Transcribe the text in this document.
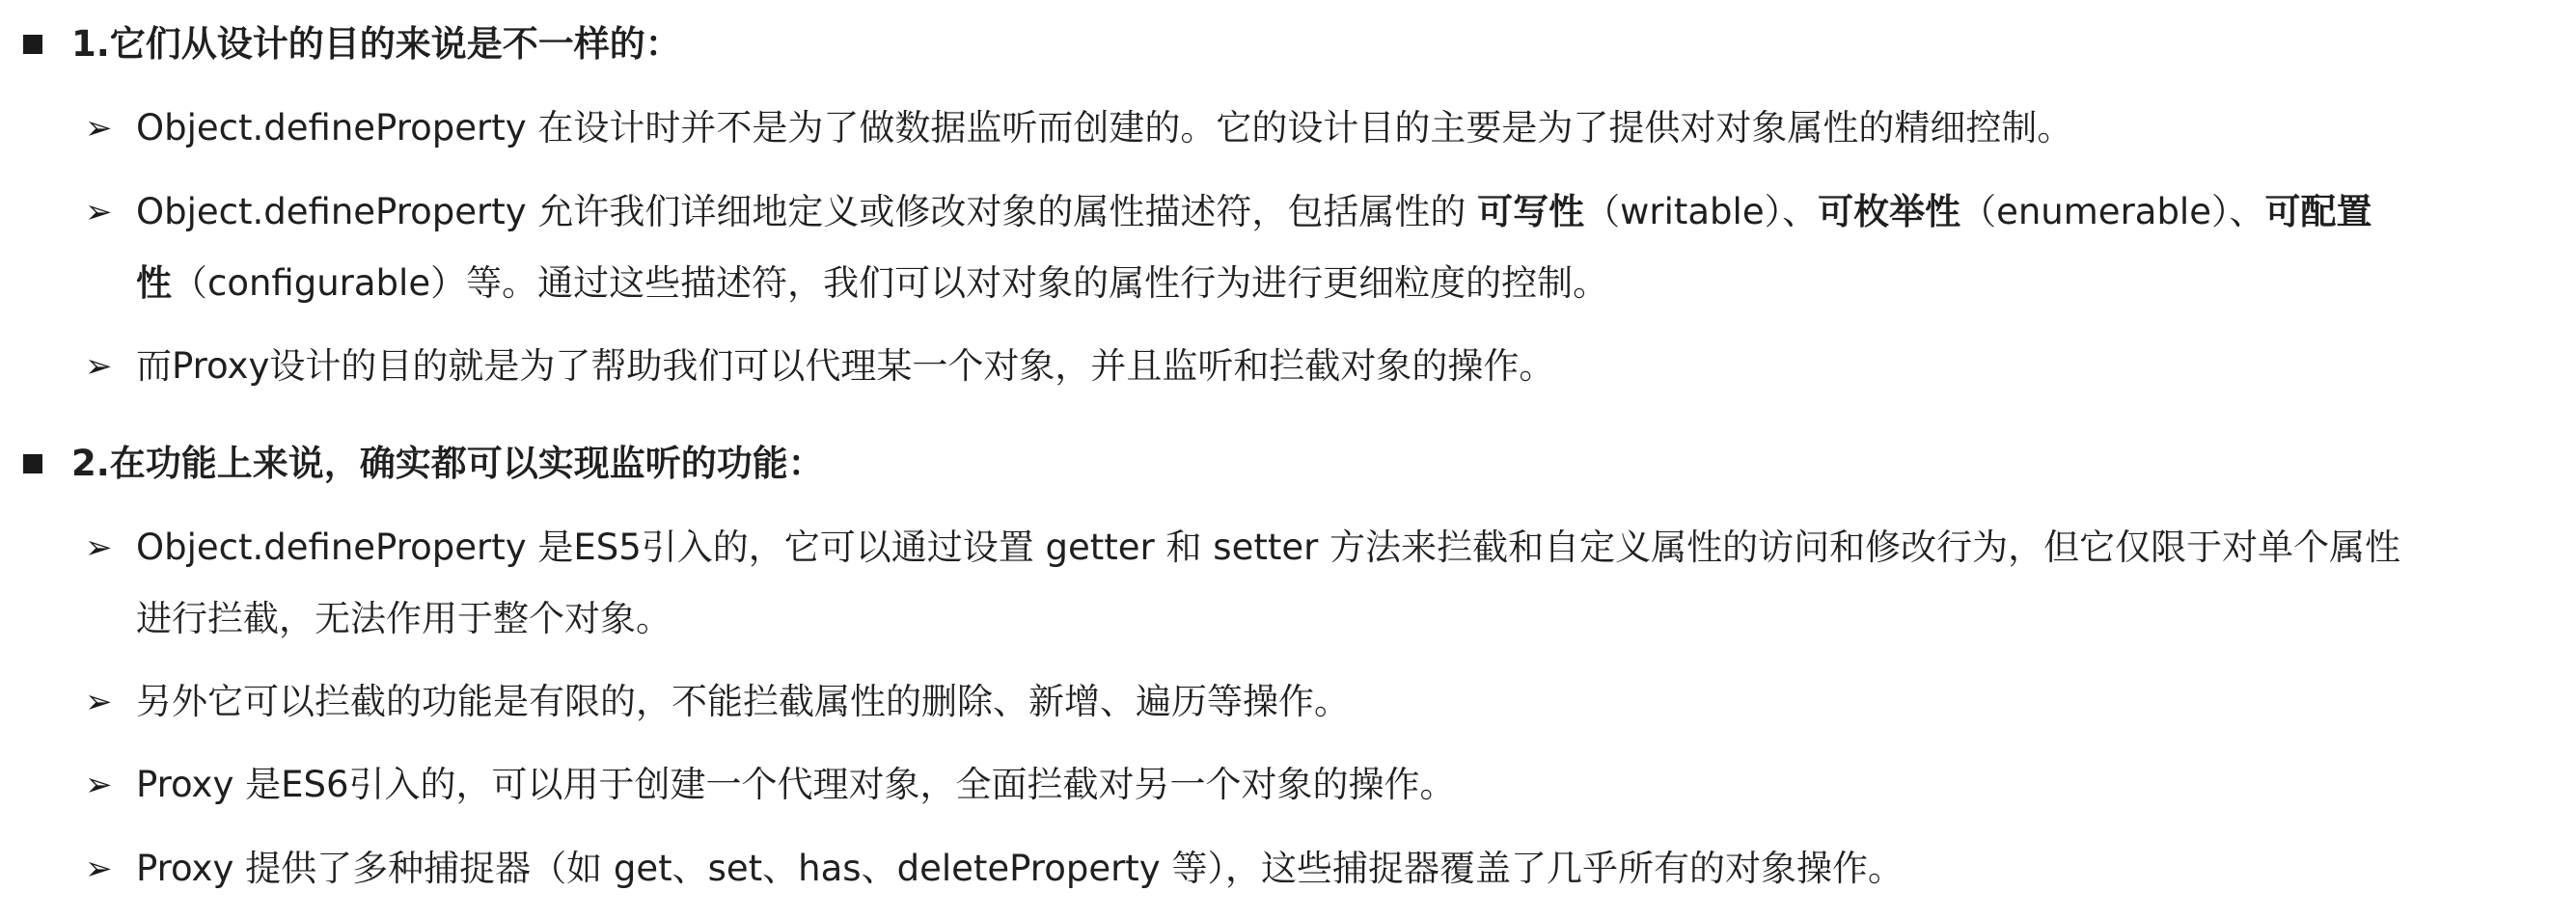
1.它们从设计的目的来说是不一样的：
➢ Object.defineProperty 在设计时并不是为了做数据监听而创建的。它的设计目的主要是为了提供对对象属性的精细控制。
➢ Object.defineProperty 允许我们详细地定义或修改对象的属性描述符，包括属性的 可写性（writable）、可枚举性（enumerable）、可配置
性（configurable）等。通过这些描述符，我们可以对对象的属性行为进行更细粒度的控制。
➢ 而Proxy设计的目的就是为了帮助我们可以代理某一个对象，并且监听和拦截对象的操作。
2.在功能上来说，确实都可以实现监听的功能：
➢ Object.defineProperty 是ES5引入的，它可以通过设置 getter 和 setter 方法来拦截和自定义属性的访问和修改行为，但它仅限于对单个属性
进行拦截，无法作用于整个对象。
➢ 另外它可以拦截的功能是有限的，不能拦截属性的删除、新增、遍历等操作。
➢ Proxy 是ES6引入的，可以用于创建一个代理对象，全面拦截对另一个对象的操作。
➢ Proxy 提供了多种捕捉器（如 get、set、has、deleteProperty 等），这些捕捉器覆盖了几乎所有的对象操作。
